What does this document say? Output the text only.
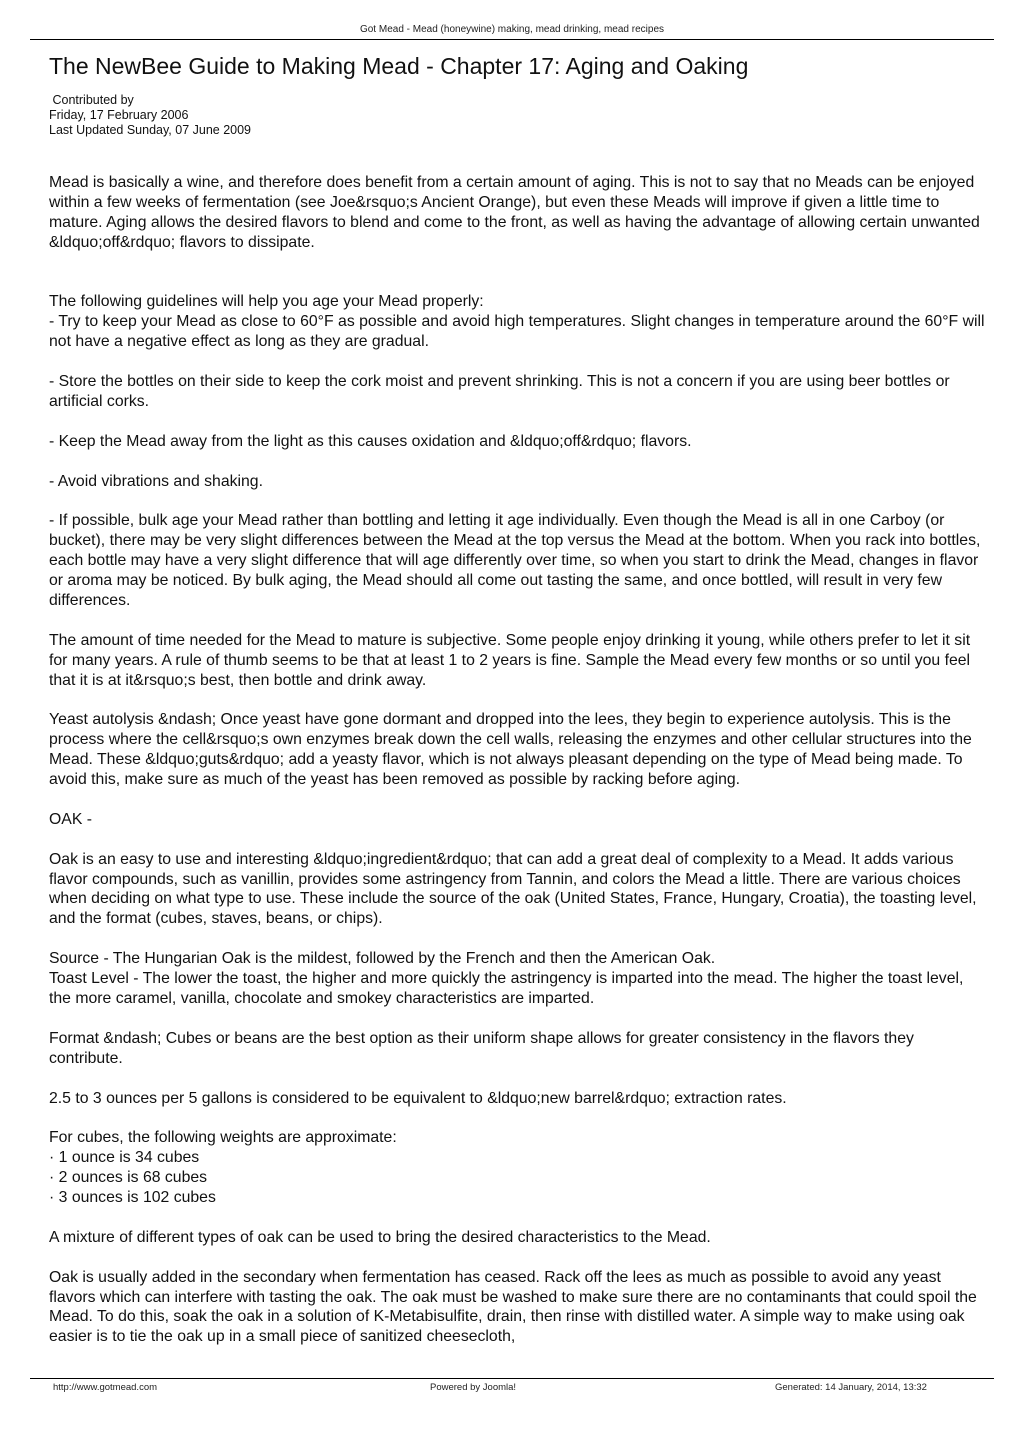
Got Mead - Mead (honeywine) making, mead drinking, mead recipes
The NewBee Guide to Making Mead - Chapter 17: Aging and Oaking
Contributed by
Friday, 17 February 2006
Last Updated Sunday, 07 June 2009

Mead is basically a wine, and therefore does benefit from a certain amount of aging. This is not to say that no Meads can be enjoyed within a few weeks of fermentation (see Joe&rsquo;s Ancient Orange), but even these Meads will improve if given a little time to mature. Aging allows the desired flavors to blend and come to the front, as well as having the advantage of allowing certain unwanted &ldquo;off&rdquo; flavors to dissipate.

The following guidelines will help you age your Mead properly:
- Try to keep your Mead as close to 60°F as possible and avoid high temperatures. Slight changes in temperature around the 60°F will not have a negative effect as long as they are gradual.

- Store the bottles on their side to keep the cork moist and prevent shrinking. This is not a concern if you are using beer bottles or artificial corks.

- Keep the Mead away from the light as this causes oxidation and &ldquo;off&rdquo; flavors.

- Avoid vibrations and shaking.

- If possible, bulk age your Mead rather than bottling and letting it age individually. Even though the Mead is all in one Carboy (or bucket), there may be very slight differences between the Mead at the top versus the Mead at the bottom. When you rack into bottles, each bottle may have a very slight difference that will age differently over time, so when you start to drink the Mead, changes in flavor or aroma may be noticed. By bulk aging, the Mead should all come out tasting the same, and once bottled, will result in very few differences.

The amount of time needed for the Mead to mature is subjective. Some people enjoy drinking it young, while others prefer to let it sit for many years. A rule of thumb seems to be that at least 1 to 2 years is fine. Sample the Mead every few months or so until you feel that it is at it&rsquo;s best, then bottle and drink away.

Yeast autolysis &ndash; Once yeast have gone dormant and dropped into the lees, they begin to experience autolysis. This is the process where the cell&rsquo;s own enzymes break down the cell walls, releasing the enzymes and other cellular structures into the Mead. These &ldquo;guts&rdquo; add a yeasty flavor, which is not always pleasant depending on the type of Mead being made. To avoid this, make sure as much of the yeast has been removed as possible by racking before aging.

OAK -

Oak is an easy to use and interesting &ldquo;ingredient&rdquo; that can add a great deal of complexity to a Mead. It adds various flavor compounds, such as vanillin, provides some astringency from Tannin, and colors the Mead a little. There are various choices when deciding on what type to use. These include the source of the oak (United States, France, Hungary, Croatia), the toasting level, and the format (cubes, staves, beans, or chips).

Source - The Hungarian Oak is the mildest, followed by the French and then the American Oak.
Toast Level - The lower the toast, the higher and more quickly the astringency is imparted into the mead. The higher the toast level, the more caramel, vanilla, chocolate and smokey characteristics are imparted.

Format &ndash; Cubes or beans are the best option as their uniform shape allows for greater consistency in the flavors they contribute.

2.5 to 3 ounces per 5 gallons is considered to be equivalent to &ldquo;new barrel&rdquo; extraction rates.

For cubes, the following weights are approximate:
· 1 ounce is 34 cubes
· 2 ounces is 68 cubes
· 3 ounces is 102 cubes

A mixture of different types of oak can be used to bring the desired characteristics to the Mead.

Oak is usually added in the secondary when fermentation has ceased. Rack off the lees as much as possible to avoid any yeast flavors which can interfere with tasting the oak. The oak must be washed to make sure there are no contaminants that could spoil the Mead. To do this, soak the oak in a solution of K-Metabisulfite, drain, then rinse with distilled water. A simple way to make using oak easier is to tie the oak up in a small piece of sanitized cheesecloth,

http://www.gotmead.com	Powered by Joomla!	Generated: 14 January, 2014, 13:32
